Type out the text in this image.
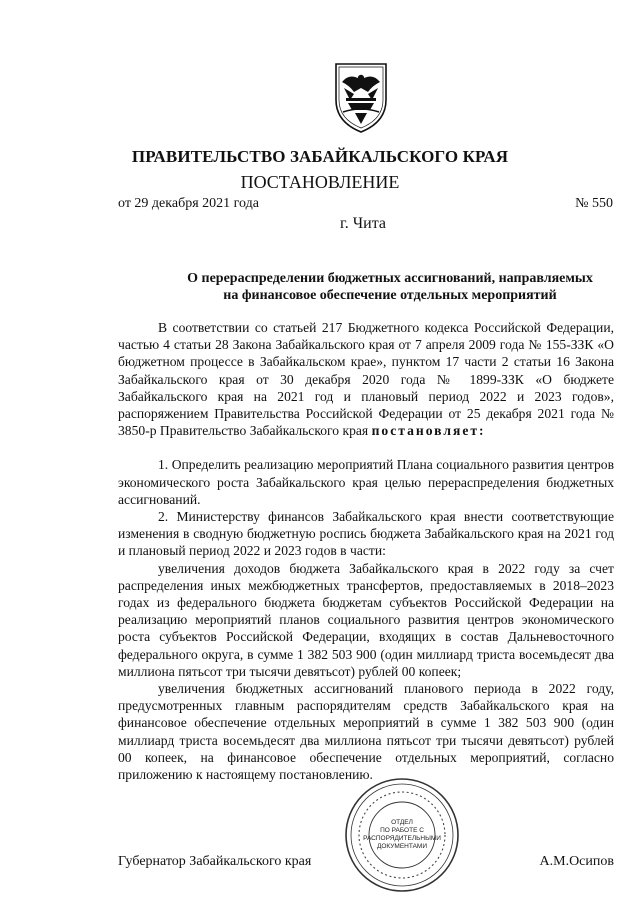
ПРАВИТЕЛЬСТВО ЗАБАЙКАЛЬСКОГО КРАЯ
ПОСТАНОВЛЕНИЕ
от 29 декабря 2021 года	№ 550
г. Чита
О перераспределении бюджетных ассигнований, направляемых
на финансовое обеспечение отдельных мероприятий

В соответствии со статьей 217 Бюджетного кодекса Российской Федерации, частью 4 статьи 28 Закона Забайкальского края от 7 апреля 2009 года № 155-ЗЗК «О бюджетном процессе в Забайкальском крае», пунктом 17 части 2 статьи 16 Закона Забайкальского края от 30 декабря 2020 года № 1899-ЗЗК «О бюджете Забайкальского края на 2021 год и плановый период 2022 и 2023 годов», распоряжением Правительства Российской Федерации от 25 декабря 2021 года № 3850-р Правительство Забайкальского края постановляет:

1. Определить реализацию мероприятий Плана социального развития центров экономического роста Забайкальского края целью перераспределения бюджетных ассигнований.

2. Министерству финансов Забайкальского края внести соответствующие изменения в сводную бюджетную роспись бюджета Забайкальского края на 2021 год и плановый период 2022 и 2023 годов в части:

увеличения доходов бюджета Забайкальского края в 2022 году за счет распределения иных межбюджетных трансфертов, предоставляемых в 2018–2023 годах из федерального бюджета бюджетам субъектов Российской Федерации на реализацию мероприятий планов социального развития центров экономического роста субъектов Российской Федерации, входящих в состав Дальневосточного федерального округа, в сумме 1 382 503 900 (один миллиард триста восемьдесят два миллиона пятьсот три тысячи девятьсот) рублей 00 копеек;

увеличения бюджетных ассигнований планового периода в 2022 году, предусмотренных главным распорядителям средств Забайкальского края на финансовое обеспечение отдельных мероприятий в сумме 1 382 503 900 (один миллиард триста восемьдесят два миллиона пятьсот три тысячи девятьсот) рублей 00 копеек, на финансовое обеспечение отдельных мероприятий, согласно приложению к настоящему постановлению.

Губернатор Забайкальского края	А.М.Осипов
ОТДЕЛ
ПО РАБОТЕ С
РАСПОРЯДИТЕЛЬНЫМИ
ДОКУМЕНТАМИ
